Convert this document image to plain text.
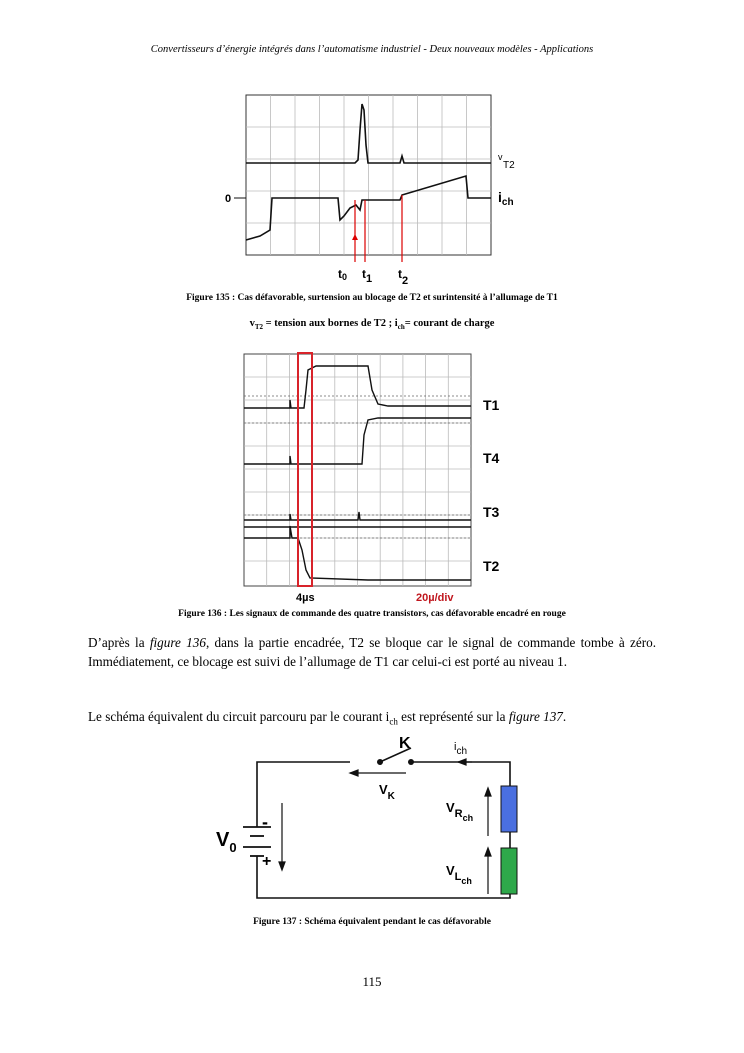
Convertisseurs d’énergie intégrés dans l’automatisme industriel - Deux nouveaux modèles - Applications
0
v
T2
$i_{ch}$
t0 t1 t2
Figure 135 : Cas défavorable, surtension au blocage de T2 et surintensité à l’allumage de T1
$v_{T2}$ = tension aux bornes de T2 ; $i_{ch}=$ courant de charge
T1
T4
T3
T2
4µs	20µ/div
Figure 136 : Les signaux de commande des quatre transistors, cas défavorable encadré en rouge
D’après la figure 136, dans la partie encadrée, T2 se bloque car le signal de commande tombe à zéro. Immédiatement, ce blocage est suivi de l’allumage de T1 car celui-ci est porté au niveau 1.
Le schéma équivalent du circuit parcouru par le courant $i_{ch}$ est représenté sur la figure 137.
K
$V_K$
ich
$V_{Rch}$
$V_{Lch}$
$V_0$
-
+
Figure 137 : Schéma équivalent pendant le cas défavorable
115
